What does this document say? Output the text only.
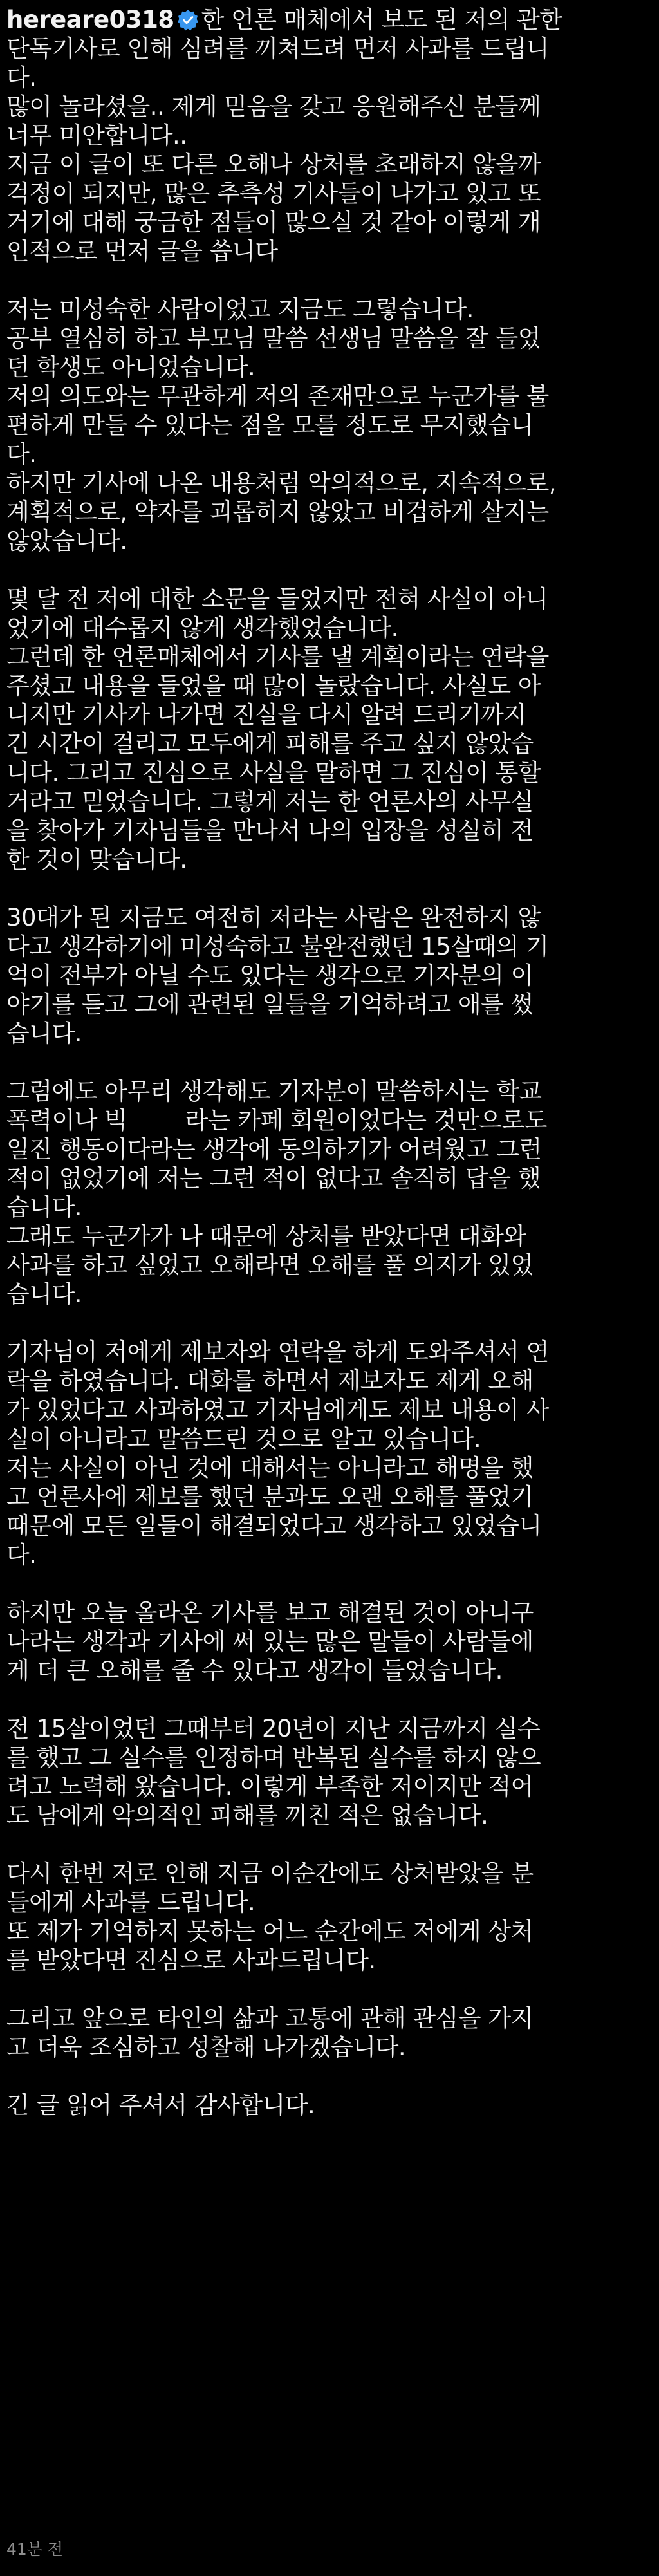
hereare0318 한 언론 매체에서 보도 된 저의 관한
단독기사로 인해 심려를 끼쳐드려 먼저 사과를 드립니
다.
많이 놀라셨을.. 제게 믿음을 갖고 응원해주신 분들께
너무 미안합니다..
지금 이 글이 또 다른 오해나 상처를 초래하지 않을까
걱정이 되지만, 많은 추측성 기사들이 나가고 있고 또
거기에 대해 궁금한 점들이 많으실 것 같아 이렇게 개
인적으로 먼저 글을 씁니다
저는 미성숙한 사람이었고 지금도 그렇습니다.
공부 열심히 하고 부모님 말씀 선생님 말씀을 잘 들었
던 학생도 아니었습니다.
저의 의도와는 무관하게 저의 존재만으로 누군가를 불
편하게 만들 수 있다는 점을 모를 정도로 무지했습니
다.
하지만 기사에 나온 내용처럼 악의적으로, 지속적으로,
계획적으로, 약자를 괴롭히지 않았고 비겁하게 살지는
않았습니다.
몇 달 전 저에 대한 소문을 들었지만 전혀 사실이 아니
었기에 대수롭지 않게 생각했었습니다.
그런데 한 언론매체에서 기사를 낼 계획이라는 연락을
주셨고 내용을 들었을 때 많이 놀랐습니다. 사실도 아
니지만 기사가 나가면 진실을 다시 알려 드리기까지
긴 시간이 걸리고 모두에게 피해를 주고 싶지 않았습
니다. 그리고 진심으로 사실을 말하면 그 진심이 통할
거라고 믿었습니다. 그렇게 저는 한 언론사의 사무실
을 찾아가 기자님들을 만나서 나의 입장을 성실히 전
한 것이 맞습니다.
30대가 된 지금도 여전히 저라는 사람은 완전하지 않
다고 생각하기에 미성숙하고 불완전했던 15살때의 기
억이 전부가 아닐 수도 있다는 생각으로 기자분의 이
야기를 듣고 그에 관련된 일들을 기억하려고 애를 썼
습니다.
그럼에도 아무리 생각해도 기자분이 말씀하시는 학교
폭력이나 빅        라는 카페 회원이었다는 것만으로도
일진 행동이다라는 생각에 동의하기가 어려웠고 그런
적이 없었기에 저는 그런 적이 없다고 솔직히 답을 했
습니다.
그래도 누군가가 나 때문에 상처를 받았다면 대화와
사과를 하고 싶었고 오해라면 오해를 풀 의지가 있었
습니다.
기자님이 저에게 제보자와 연락을 하게 도와주셔서 연
락을 하였습니다. 대화를 하면서 제보자도 제게 오해
가 있었다고 사과하였고 기자님에게도 제보 내용이 사
실이 아니라고 말씀드린 것으로 알고 있습니다.
저는 사실이 아닌 것에 대해서는 아니라고 해명을 했
고 언론사에 제보를 했던 분과도 오랜 오해를 풀었기
때문에 모든 일들이 해결되었다고 생각하고 있었습니
다.
하지만 오늘 올라온 기사를 보고 해결된 것이 아니구
나라는 생각과 기사에 써 있는 많은 말들이 사람들에
게 더 큰 오해를 줄 수 있다고 생각이 들었습니다.
전 15살이었던 그때부터 20년이 지난 지금까지 실수
를 했고 그 실수를 인정하며 반복된 실수를 하지 않으
려고 노력해 왔습니다. 이렇게 부족한 저이지만 적어
도 남에게 악의적인 피해를 끼친 적은 없습니다.
다시 한번 저로 인해 지금 이순간에도 상처받았을 분
들에게 사과를 드립니다.
또 제가 기억하지 못하는 어느 순간에도 저에게 상처
를 받았다면 진심으로 사과드립니다.
그리고 앞으로 타인의 삶과 고통에 관해 관심을 가지
고 더욱 조심하고 성찰해 나가겠습니다.
긴 글 읽어 주셔서 감사합니다.
41분 전
